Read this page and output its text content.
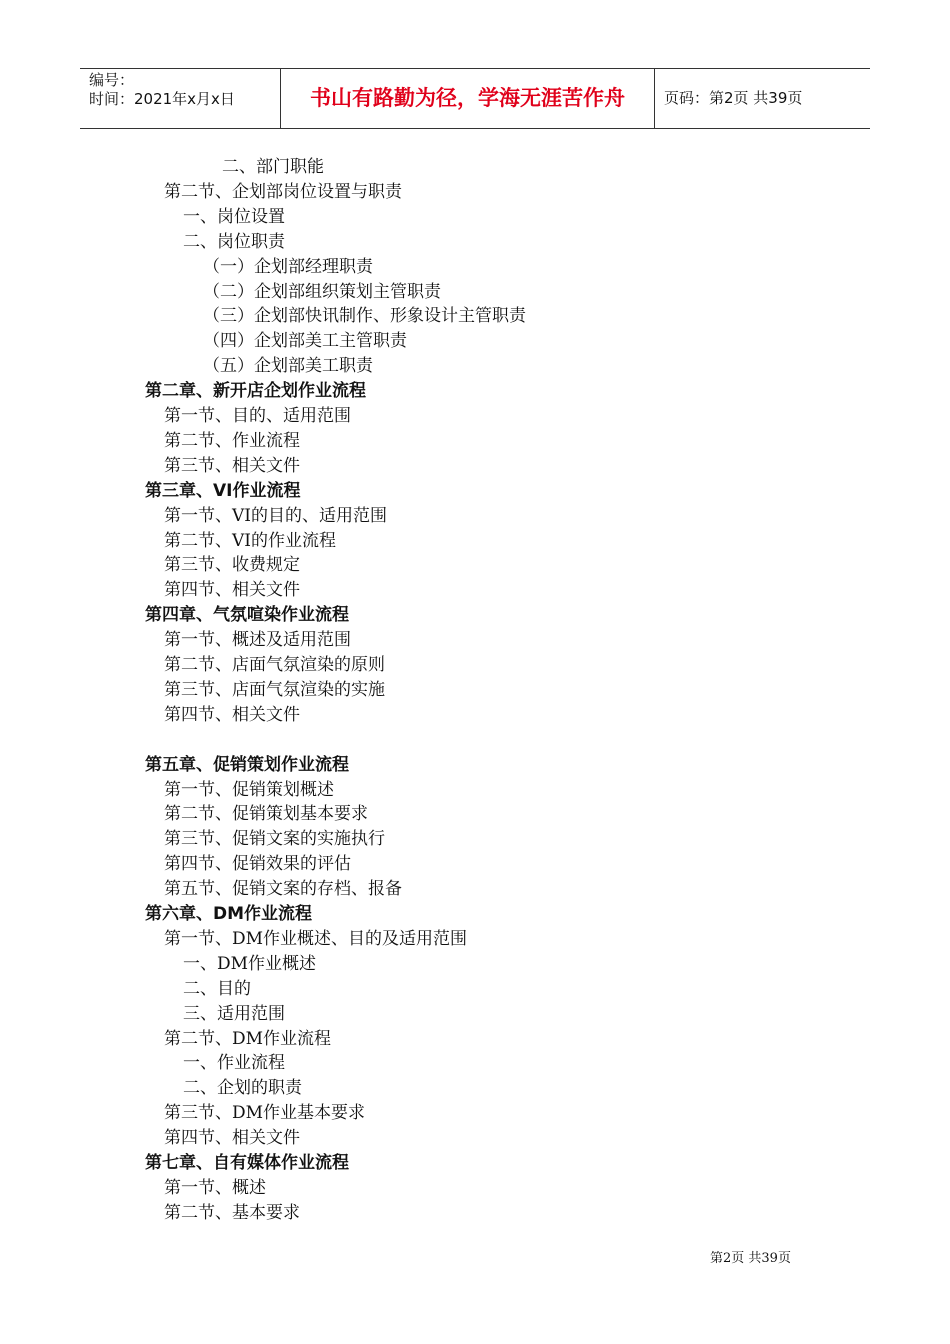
编号：
时间：2021年x月x日	书山有路勤为径，学海无涯苦作舟	页码：第2页 共39页
二、部门职能
第二节、企划部岗位设置与职责
一、岗位设置
二、岗位职责
（一）企划部经理职责
（二）企划部组织策划主管职责
（三）企划部快讯制作、形象设计主管职责
（四）企划部美工主管职责
（五）企划部美工职责
第二章、新开店企划作业流程
第一节、目的、适用范围
第二节、作业流程
第三节、相关文件
第三章、VI作业流程
第一节、VI的目的、适用范围
第二节、VI的作业流程
第三节、收费规定
第四节、相关文件
第四章、气氛喧染作业流程
第一节、概述及适用范围
第二节、店面气氛渲染的原则
第三节、店面气氛渲染的实施
第四节、相关文件
第五章、促销策划作业流程
第一节、促销策划概述
第二节、促销策划基本要求
第三节、促销文案的实施执行
第四节、促销效果的评估
第五节、促销文案的存档、报备
第六章、DM作业流程
第一节、DM作业概述、目的及适用范围
一、DM作业概述
二、目的
三、适用范围
第二节、DM作业流程
一、作业流程
二、企划的职责
第三节、DM作业基本要求
第四节、相关文件
第七章、自有媒体作业流程
第一节、概述
第二节、基本要求
第2页 共39页
